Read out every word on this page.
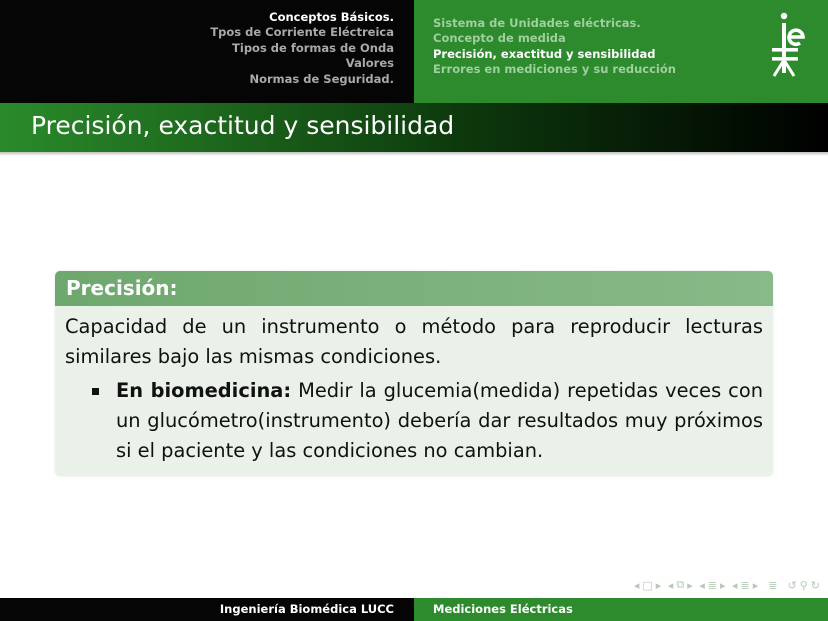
Conceptos Básicos.
Tpos de Corriente Eléctreica
Tipos de formas de Onda
Valores
Normas de Seguridad.
Sistema de Unidades eléctricas.
Concepto de medida
Precisión, exactitud y sensibilidad
Errores en mediciones y su reducción
Precisión, exactitud y sensibilidad
Precisión:
Capacidad de un instrumento o método para reproducir lecturas similares bajo las mismas condiciones.
En biomedicina: Medir la glucemia(medida) repetidas veces con un glucómetro(instrumento) debería dar resultados muy próximos si el paciente y las condiciones no cambian.
◂ □ ▸ ◂ ⧉ ▸ ◂ ≣ ▸ ◂ ≣ ▸ ≣ ↺ ⚲ ↻
Ingeniería Biomédica LUCC	Mediciones Eléctricas
